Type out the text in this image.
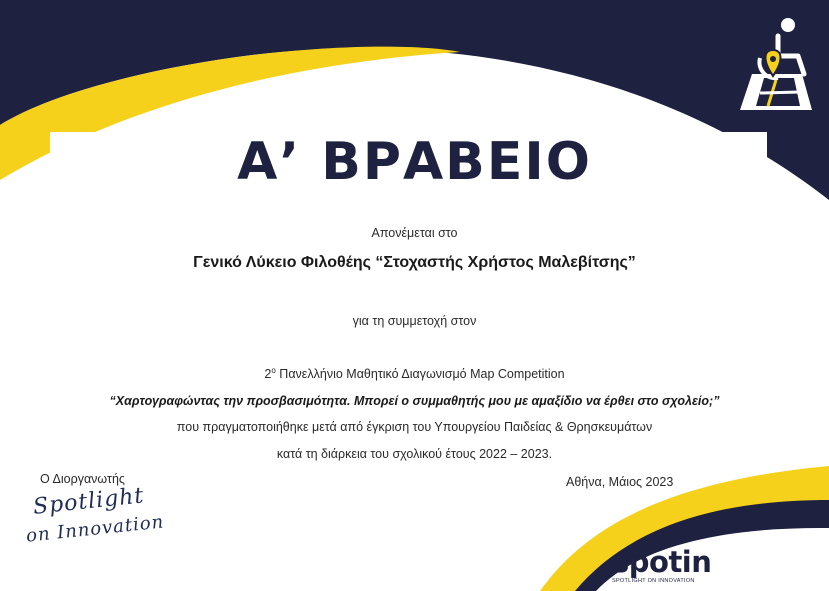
Α’ ΒΡΑΒΕΙΟ
Απονέμεται στο
Γενικό Λύκειο Φιλοθέης “Στοχαστής Χρήστος Μαλεβίτσης”
για τη συμμετοχή στον
$2^o$ Πανελλήνιο Μαθητικό Διαγωνισμό Map Competition
“Χαρτογραφώντας την προσβασιμότητα. Μπορεί ο συμμαθητής μου με αμαξίδιο να έρθει στο σχολείο;”
που πραγματοποιήθηκε μετά από έγκριση του Υπουργείου Παιδείας & Θρησκευμάτων
κατά τη διάρκεια του σχολικού έτους 2022 – 2023.
Ο Διοργανωτής	Αθήνα, Μάιος 2023
Spotlight
on Innovation
spotin
SPOTLIGHT ON INNOVATION
